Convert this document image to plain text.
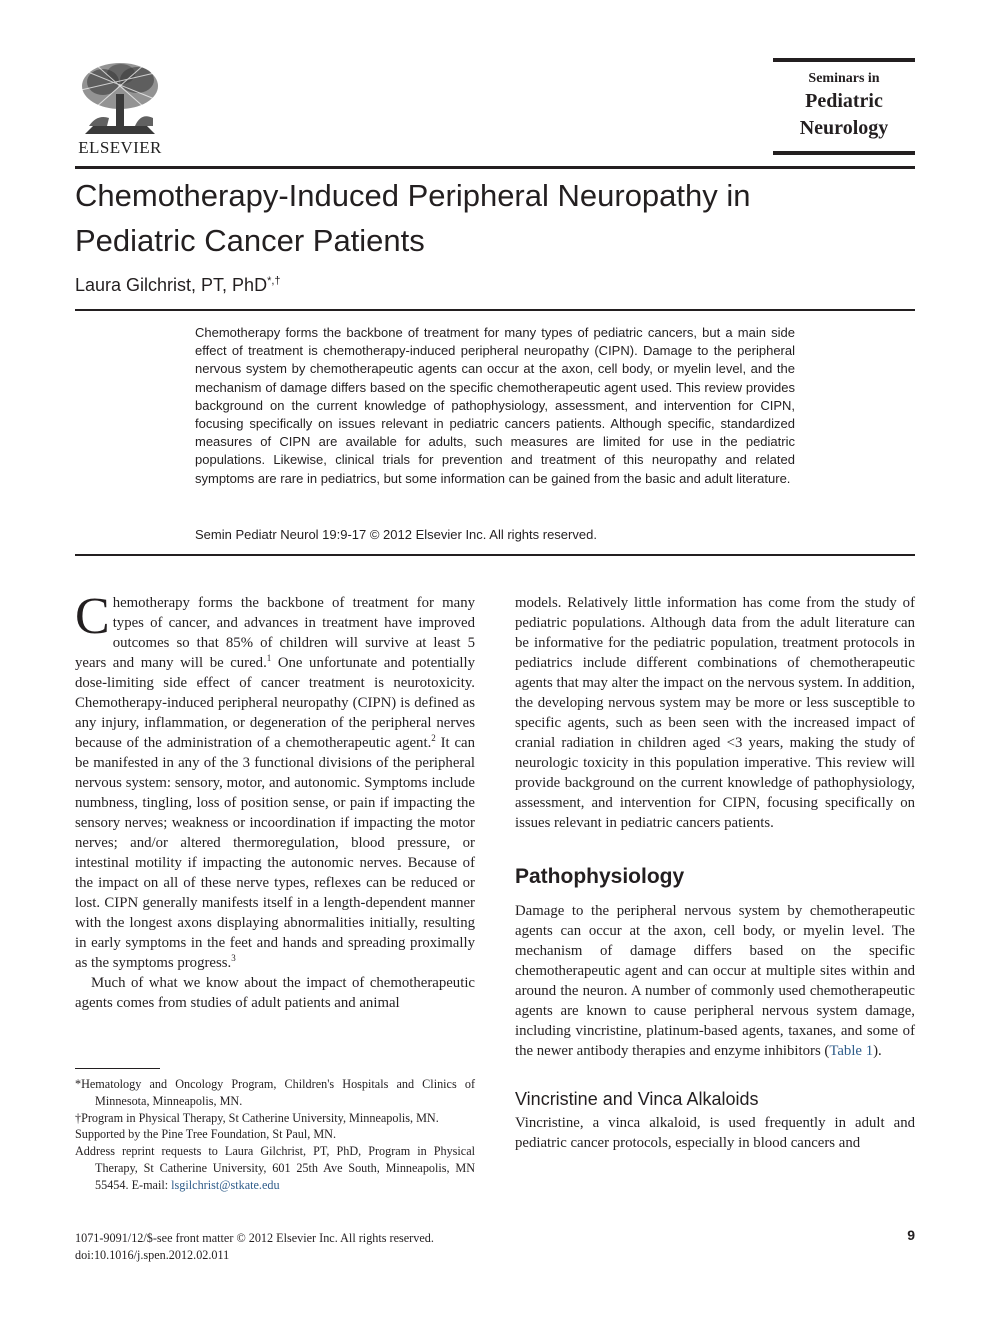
ELSEVIER
Seminars in
Pediatric
Neurology
Chemotherapy-Induced Peripheral Neuropathy in Pediatric Cancer Patients
Laura Gilchrist, PT, PhD*,†

Chemotherapy forms the backbone of treatment for many types of pediatric cancers, but a main side effect of treatment is chemotherapy-induced peripheral neuropathy (CIPN). Damage to the peripheral nervous system by chemotherapeutic agents can occur at the axon, cell body, or myelin level, and the mechanism of damage differs based on the specific chemotherapeutic agent used. This review provides background on the current knowledge of pathophysiology, assessment, and intervention for CIPN, focusing specifically on issues relevant in pediatric cancers patients. Although specific, standardized measures of CIPN are available for adults, such measures are limited for use in the pediatric populations. Likewise, clinical trials for prevention and treatment of this neuropathy and related symptoms are rare in pediatrics, but some information can be gained from the basic and adult literature.

Semin Pediatr Neurol 19:9-17 © 2012 Elsevier Inc. All rights reserved.

Chemotherapy forms the backbone of treatment for many types of cancer, and advances in treatment have improved outcomes so that 85% of children will survive at least 5 years and many will be cured.$^1$ One unfortunate and potentially dose-limiting side effect of cancer treatment is neurotoxicity. Chemotherapy-induced peripheral neuropathy (CIPN) is defined as any injury, inflammation, or degeneration of the peripheral nerves because of the administration of a chemotherapeutic agent.$^2$ It can be manifested in any of the 3 functional divisions of the peripheral nervous system: sensory, motor, and autonomic. Symptoms include numbness, tingling, loss of position sense, or pain if impacting the sensory nerves; weakness or incoordination if impacting the motor nerves; and/or altered thermoregulation, blood pressure, or intestinal motility if impacting the autonomic nerves. Because of the impact on all of these nerve types, reflexes can be reduced or lost. CIPN generally manifests itself in a length-dependent manner with the longest axons displaying abnormalities initially, resulting in early symptoms in the feet and hands and spreading proximally as the symptoms progress.$^3$

Much of what we know about the impact of chemotherapeutic agents comes from studies of adult patients and animal

models. Relatively little information has come from the study of pediatric populations. Although data from the adult literature can be informative for the pediatric population, treatment protocols in pediatrics include different combinations of chemotherapeutic agents that may alter the impact on the nervous system. In addition, the developing nervous system may be more or less susceptible to specific agents, such as been seen with the increased impact of cranial radiation in children aged <3 years, making the study of neurologic toxicity in this population imperative. This review will provide background on the current knowledge of pathophysiology, assessment, and intervention for CIPN, focusing specifically on issues relevant in pediatric cancers patients.

Pathophysiology

Damage to the peripheral nervous system by chemotherapeutic agents can occur at the axon, cell body, or myelin level. The mechanism of damage differs based on the specific chemotherapeutic agent and can occur at multiple sites within and around the neuron. A number of commonly used chemotherapeutic agents are known to cause peripheral nervous system damage, including vincristine, platinum-based agents, taxanes, and some of the newer antibody therapies and enzyme inhibitors (Table 1).

Vincristine and Vinca Alkaloids

Vincristine, a vinca alkaloid, is used frequently in adult and pediatric cancer protocols, especially in blood cancers and

*Hematology and Oncology Program, Children's Hospitals and Clinics of Minnesota, Minneapolis, MN.

†Program in Physical Therapy, St Catherine University, Minneapolis, MN.

Supported by the Pine Tree Foundation, St Paul, MN.

Address reprint requests to Laura Gilchrist, PT, PhD, Program in Physical Therapy, St Catherine University, 601 25th Ave South, Minneapolis, MN 55454. E-mail: lsgilchrist@stkate.edu

1071-9091/12/$-see front matter © 2012 Elsevier Inc. All rights reserved.
doi:10.1016/j.spen.2012.02.011
9
